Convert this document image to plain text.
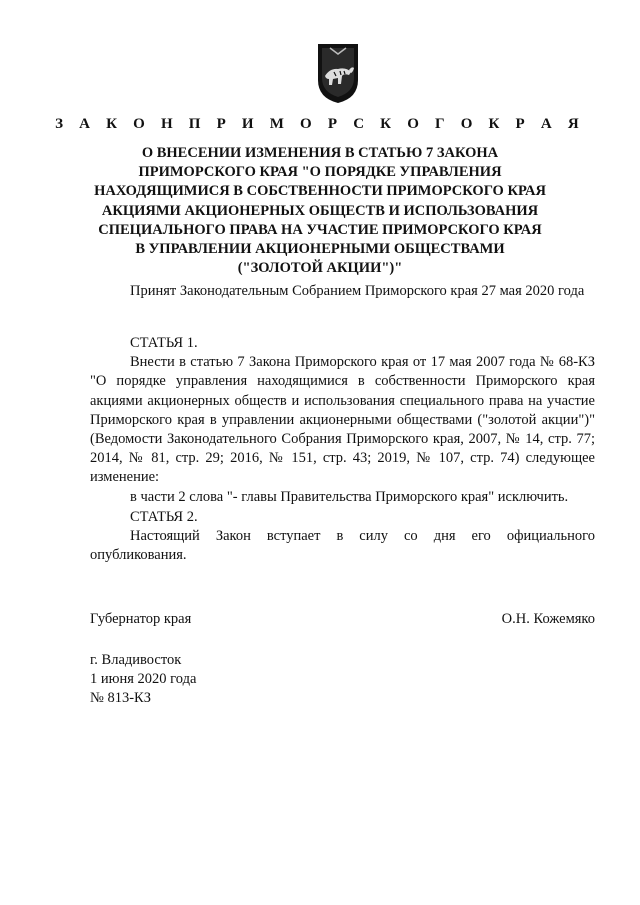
З А К О Н П Р И М О Р С К О Г О К Р А Я
О ВНЕСЕНИИ ИЗМЕНЕНИЯ В СТАТЬЮ 7 ЗАКОНА
ПРИМОРСКОГО КРАЯ "О ПОРЯДКЕ УПРАВЛЕНИЯ
НАХОДЯЩИМИСЯ В СОБСТВЕННОСТИ ПРИМОРСКОГО КРАЯ
АКЦИЯМИ АКЦИОНЕРНЫХ ОБЩЕСТВ И ИСПОЛЬЗОВАНИЯ
СПЕЦИАЛЬНОГО ПРАВА НА УЧАСТИЕ ПРИМОРСКОГО КРАЯ
В УПРАВЛЕНИИ АКЦИОНЕРНЫМИ ОБЩЕСТВАМИ
("ЗОЛОТОЙ АКЦИИ")"
Принят Законодательным Собранием Приморского края 27 мая 2020 года

СТАТЬЯ 1.

Внести в статью 7 Закона Приморского края от 17 мая 2007 года № 68-КЗ "О порядке управления находящимися в собственности Приморского края акциями акционерных обществ и использования специального права на участие Приморского края в управлении акционерными обществами ("золотой акции")" (Ведомости Законодательного Собрания Приморского края, 2007, № 14, стр. 77; 2014, № 81, стр. 29; 2016, № 151, стр. 43; 2019, № 107, стр. 74) следующее изменение:

в части 2 слова "- главы Правительства Приморского края" исключить.

СТАТЬЯ 2.

Настоящий Закон вступает в силу со дня его официального опубликования.

Губернатор края	О.Н. Кожемяко
г. Владивосток
1 июня 2020 года
№ 813-КЗ
